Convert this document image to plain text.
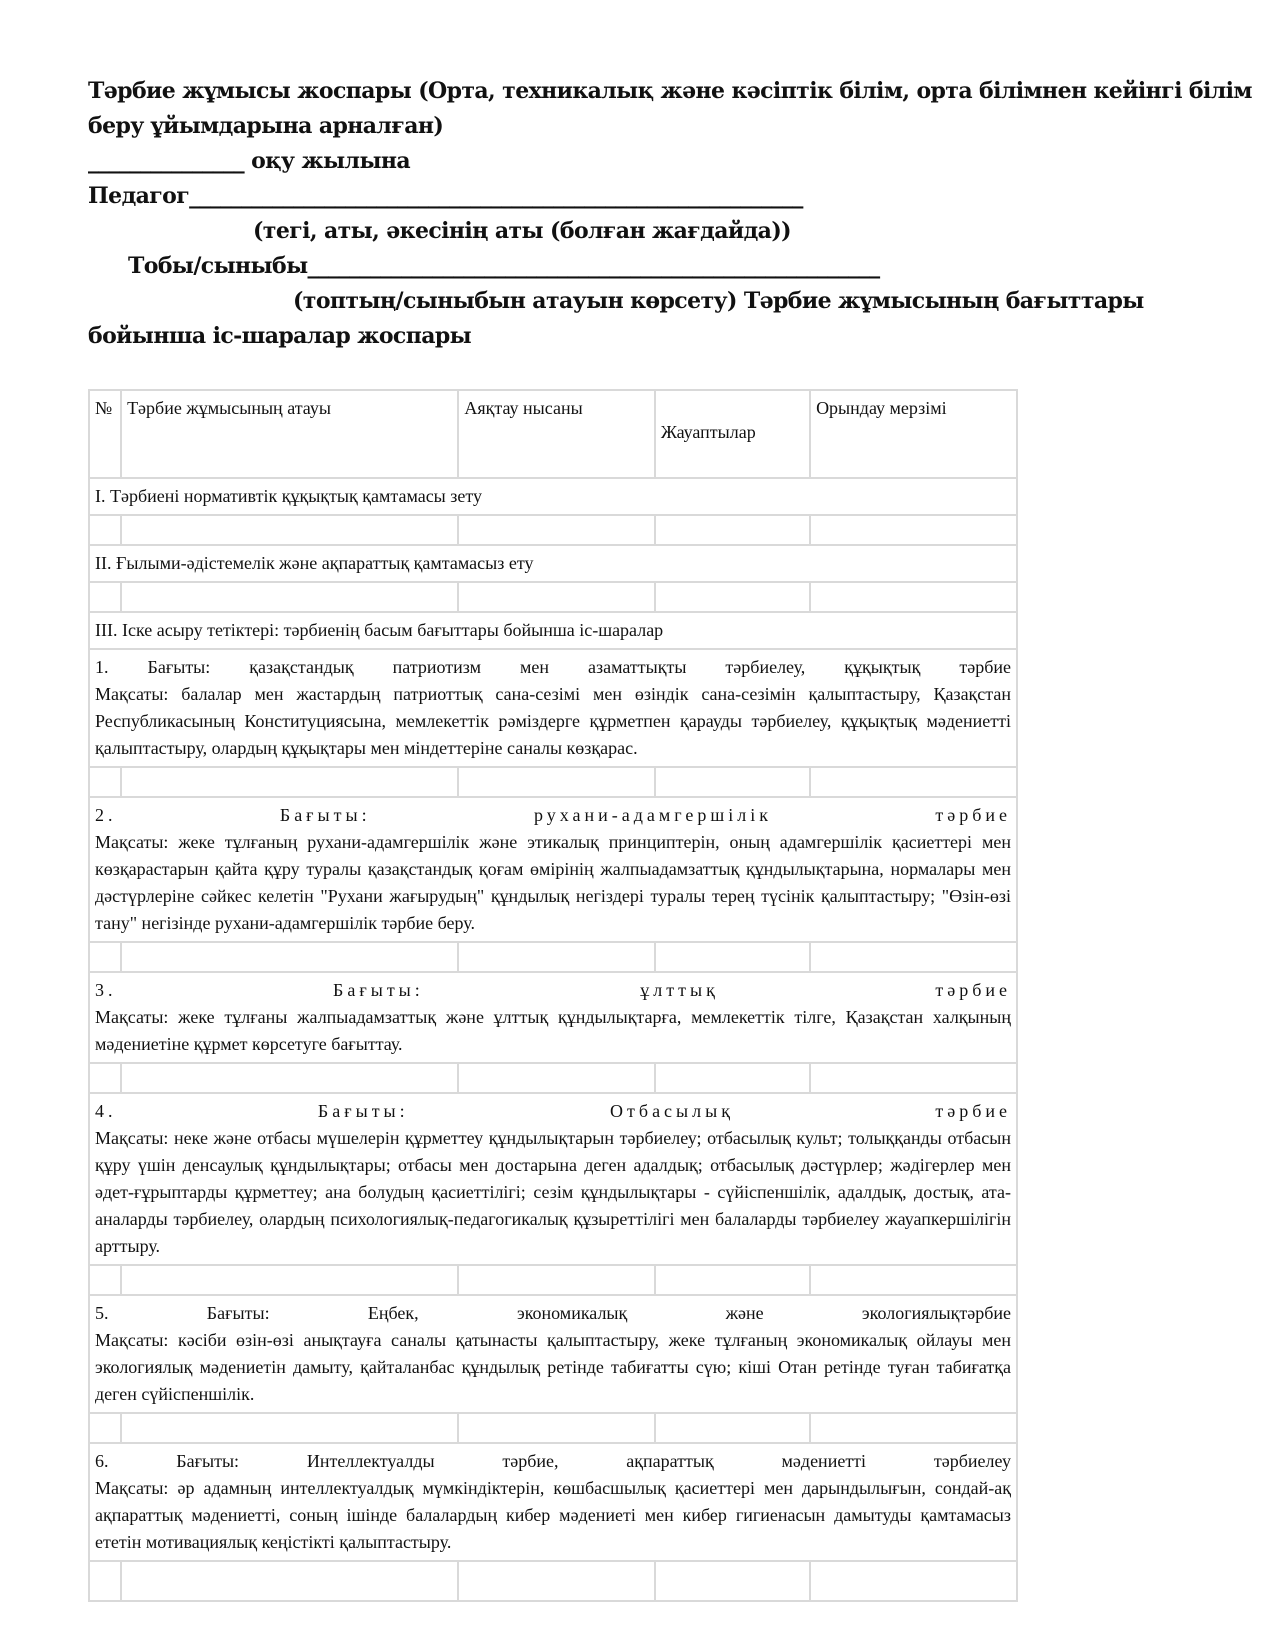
Тәрбие жұмысы жоспары (Орта, техникалық және кәсіптік білім, орта білімнен кейінгі білім
беру ұйымдарына арналған)
_______________ оқу жылына
Педагог___________________________________________________________
(тегі, аты, әкесінің аты (болған жағдайда))
Тобы/сыныбы_______________________________________________________
(топтың/сыныбын атауын көрсету) Тәрбие жұмысының бағыттары
бойынша іс-шаралар жоспары
№	Тәрбие жұмысының атауы	Аяқтау нысаны	Жауаптылар	Орындау мерзімі
I. Тәрбиені нормативтік құқықтық қамтамасы зету				

II. Ғылыми-әдістемелік және ақпараттық қамтамасыз ету				

III. Іске асыру тетіктері: тәрбиенің басым бағыттары бойынша іс-шаралар				

1. Бағыты: қазақстандық патриотизм мен азаматтықты тәрбиелеу, құқықтық тәрбие
Мақсаты: балалар мен жастардың патриоттық сана-сезімі мен өзіндік сана-сезімін қалыптастыру, Қазақстан Республикасының Конституциясына, мемлекеттік рәміздерге құрметпен қарауды тәрбиелеу, құқықтық мәдениетті қалыптастыру, олардың құқықтары мен міндеттеріне саналы көзқарас.				

2. Бағыты: рухани-адамгершілік тәрбие
Мақсаты: жеке тұлғаның рухани-адамгершілік және этикалық принциптерін, оның адамгершілік қасиеттері мен көзқарастарын қайта құру туралы қазақстандық қоғам өмірінің жалпыадамзаттық құндылықтарына, нормалары мен дәстүрлеріне сәйкес келетін "Рухани жағырудың" құндылық негіздері туралы терең түсінік қалыптастыру; "Өзін-өзі тану" негізінде рухани-адамгершілік тәрбие беру.				

3. Бағыты: ұлттық тәрбие
Мақсаты: жеке тұлғаны жалпыадамзаттық және ұлттық құндылықтарға, мемлекеттік тілге, Қазақстан халқының мәдениетіне құрмет көрсетуге бағыттау.				

4. Бағыты: Отбасылық тәрбие
Мақсаты: неке және отбасы мүшелерін құрметтеу құндылықтарын тәрбиелеу; отбасылық культ; толыққанды отбасын құру үшін денсаулық құндылықтары; отбасы мен достарына деген адалдық; отбасылық дәстүрлер; жәдігерлер мен әдет-ғұрыптарды құрметтеу; ана болудың қасиеттілігі; сезім құндылықтары - сүйіспеншілік, адалдық, достық, ата-аналарды тәрбиелеу, олардың психологиялық-педагогикалық құзыреттілігі мен балаларды тәрбиелеу жауапкершілігін арттыру.				

5. Бағыты: Еңбек, экономикалық және экологиялықтәрбие
Мақсаты: кәсіби өзін-өзі анықтауға саналы қатынасты қалыптастыру, жеке тұлғаның экономикалық ойлауы мен экологиялық мәдениетін дамыту, қайталанбас құндылық ретінде табиғатты сүю; кіші Отан ретінде туған табиғатқа деген сүйіспеншілік.				

6. Бағыты: Интеллектуалды тәрбие, ақпараттық мәдениетті тәрбиелеу
Мақсаты: әр адамның интеллектуалдық мүмкіндіктерін, көшбасшылық қасиеттері мен дарындылығын, сондай-ақ ақпараттық мәдениетті, соның ішінде балалардың кибер мәдениеті мен кибер гигиенасын дамытуды қамтамасыз ететін мотивациялық кеңістікті қалыптастыру.				
